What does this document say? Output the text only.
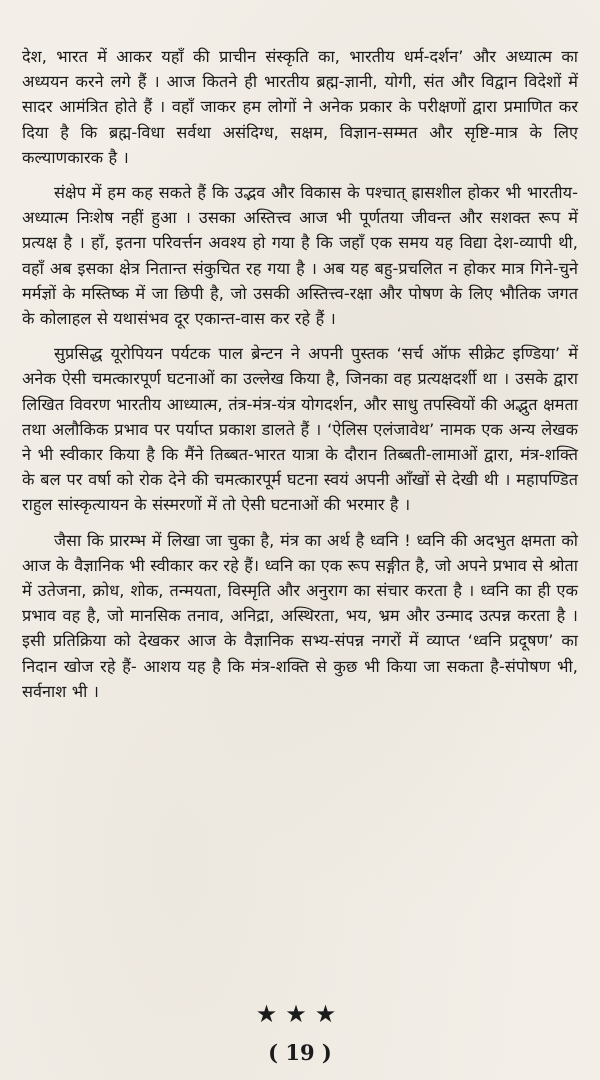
देश, भारत में आकर यहाँ की प्राचीन संस्कृति का, भारतीय धर्म-दर्शन’ और अध्यात्म का अध्ययन करने लगे हैं । आज कितने ही भारतीय ब्रह्म-ज्ञानी, योगी, संत और विद्वान विदेशों में सादर आमंत्रित होते हैं । वहाँ जाकर हम लोगों ने अनेक प्रकार के परीक्षणों द्वारा प्रमाणित कर दिया है कि ब्रह्म-विधा सर्वथा असंदिग्ध, सक्षम, विज्ञान-सम्मत और सृष्टि-मात्र के लिए कल्याणकारक है ।

संक्षेप में हम कह सकते हैं कि उद्भव और विकास के पश्चात् ह्रासशील होकर भी भारतीय-अध्यात्म निःशेष नहीं हुआ । उसका अस्तित्त्व आज भी पूर्णतया जीवन्त और सशक्त रूप में प्रत्यक्ष है । हाँ, इतना परिवर्त्तन अवश्य हो गया है कि जहाँ एक समय यह विद्या देश-व्यापी थी, वहाँ अब इसका क्षेत्र नितान्त संकुचित रह गया है । अब यह बहु-प्रचलित न होकर मात्र गिने-चुने मर्मज्ञों के मस्तिष्क में जा छिपी है, जो उसकी अस्तित्त्व-रक्षा और पोषण के लिए भौतिक जगत के कोलाहल से यथासंभव दूर एकान्त-वास कर रहे हैं ।

सुप्रसिद्ध यूरोपियन पर्यटक पाल ब्रेन्टन ने अपनी पुस्तक ‘सर्च ऑफ सीक्रेट इण्डिया’ में अनेक ऐसी चमत्कारपूर्ण घटनाओं का उल्लेख किया है, जिनका वह प्रत्यक्षदर्शी था । उसके द्वारा लिखित विवरण भारतीय आध्यात्म, तंत्र-मंत्र-यंत्र योगदर्शन, और साधु तपस्वियों की अद्भुत क्षमता तथा अलौकिक प्रभाव पर पर्याप्त प्रकाश डालते हैं । ‘ऐलिस एलंजावेथ’ नामक एक अन्य लेखक ने भी स्वीकार किया है कि मैंने तिब्बत-भारत यात्रा के दौरान तिब्बती-लामाओं द्वारा, मंत्र-शक्ति के बल पर वर्षा को रोक देने की चमत्कारपूर्म घटना स्वयं अपनी आँखों से देखी थी । महापण्डित राहुल सांस्कृत्यायन के संस्मरणों में तो ऐसी घटनाओं की भरमार है ।

जैसा कि प्रारम्भ में लिखा जा चुका है, मंत्र का अर्थ है ध्वनि ! ध्वनि की अदभुत क्षमता को आज के वैज्ञानिक भी स्वीकार कर रहे हैं। ध्वनि का एक रूप सङ्गीत है, जो अपने प्रभाव से श्रोता में उतेजना, क्रोध, शोक, तन्मयता, विस्मृति और अनुराग का संचार करता है । ध्वनि का ही एक प्रभाव वह है, जो मानसिक तनाव, अनिद्रा, अस्थिरता, भय, भ्रम और उन्माद उत्पन्न करता है । इसी प्रतिक्रिया को देखकर आज के वैज्ञानिक सभ्य-संपन्न नगरों में व्याप्त ‘ध्वनि प्रदूषण’ का निदान खोज रहे हैं- आशय यह है कि मंत्र-शक्ति से कुछ भी किया जा सकता है-संपोषण भी, सर्वनाश भी ।

★★★
( 19 )
